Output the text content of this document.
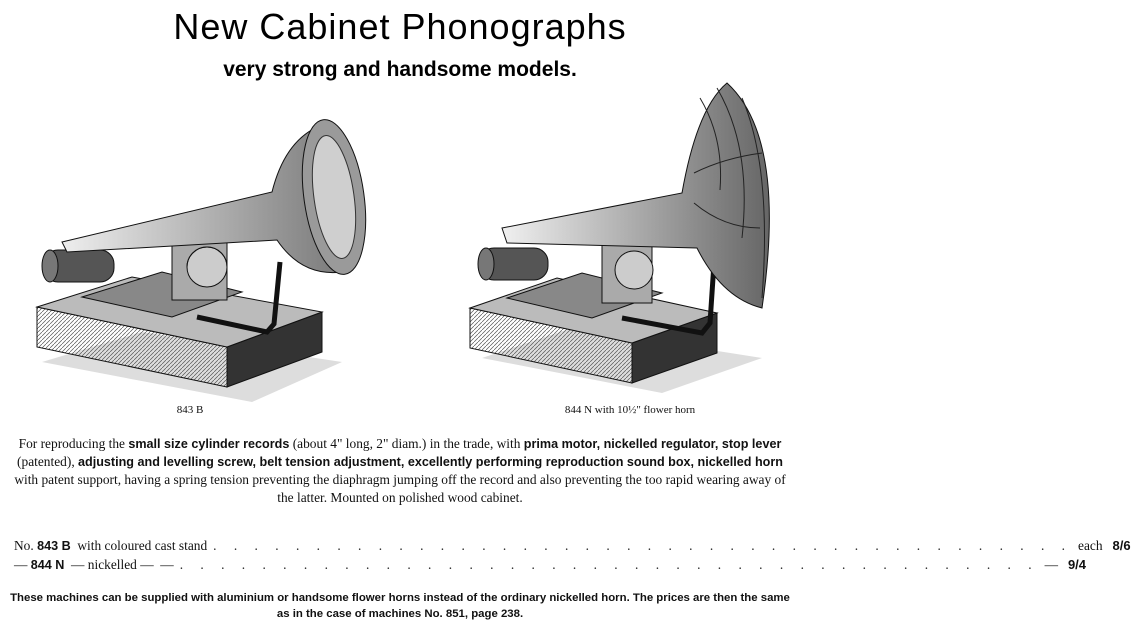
New Cabinet Phonographs
very strong and handsome models.
843 B	844 N with 10½" flower horn
For reproducing the small size cylinder records (about 4" long, 2" diam.) in the trade, with prima motor, nickelled regulator, stop lever (patented), adjusting and levelling screw, belt tension adjustment, excellently performing reproduction sound box, nickelled horn with patent support, having a spring tension preventing the diaphragm jumping off the record and also preventing the too rapid wearing away of the latter. Mounted on polished wood cabinet.
No. 843 B  with coloured cast stand . . . . . . . . . . . . . . . . . . . . . . . . . . . . . . . . . . . . . . . . . . each 8/6
— 844 N  — nickelled —  — . . . . . . . . . . . . . . . . . . . . . . . . . . . . . . . . . . . . . . . . . . — 9/4
These machines can be supplied with aluminium or handsome flower horns instead of the ordinary nickelled horn. The prices are then the same as in the case of machines No. 851, page 238.
